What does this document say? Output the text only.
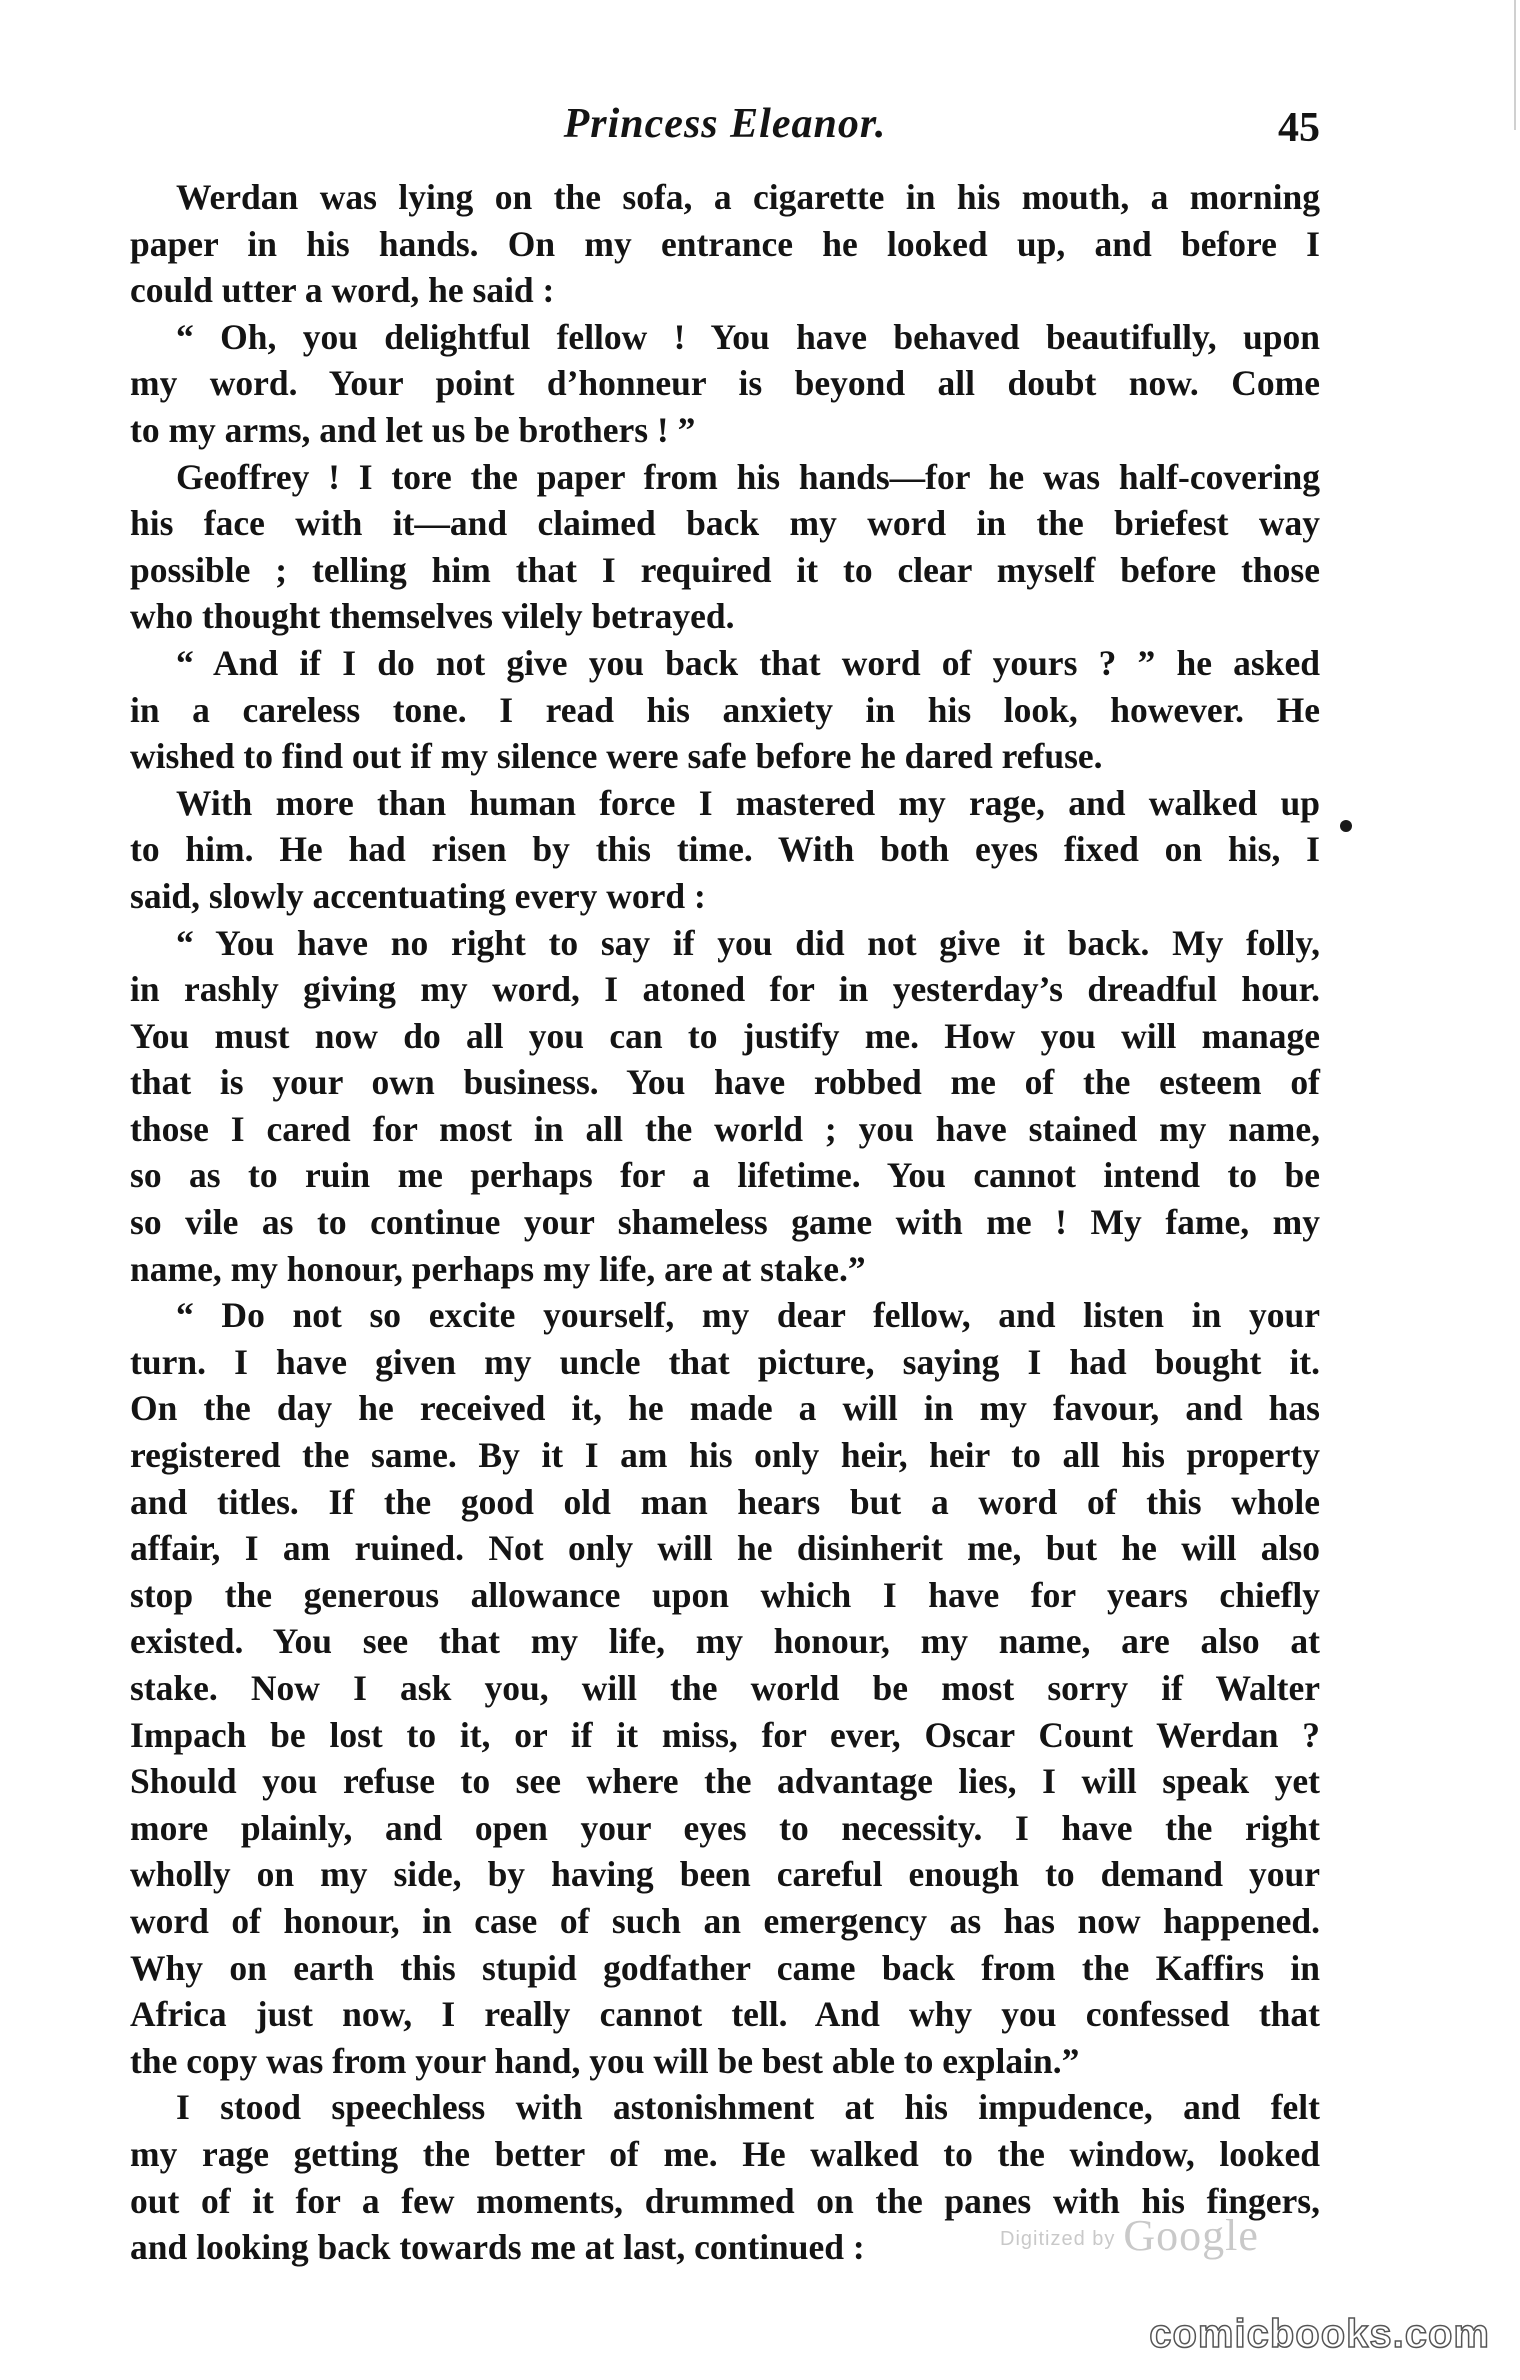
Princess Eleanor.	45
Werdan was lying on the sofa, a cigarette in his mouth, a morning
paper in his hands. On my entrance he looked up, and before I
could utter a word, he said :
“ Oh, you delightful fellow ! You have behaved beautifully, upon
my word. Your point d’honneur is beyond all doubt now. Come
to my arms, and let us be brothers ! ”
Geoffrey ! I tore the paper from his hands—for he was half-covering
his face with it—and claimed back my word in the briefest way
possible ; telling him that I required it to clear myself before those
who thought themselves vilely betrayed.
“ And if I do not give you back that word of yours ? ” he asked
in a careless tone. I read his anxiety in his look, however. He
wished to find out if my silence were safe before he dared refuse.
With more than human force I mastered my rage, and walked up
to him. He had risen by this time. With both eyes fixed on his, I
said, slowly accentuating every word :
“ You have no right to say if you did not give it back. My folly,
in rashly giving my word, I atoned for in yesterday’s dreadful hour.
You must now do all you can to justify me. How you will manage
that is your own business. You have robbed me of the esteem of
those I cared for most in all the world ; you have stained my name,
so as to ruin me perhaps for a lifetime. You cannot intend to be
so vile as to continue your shameless game with me ! My fame, my
name, my honour, perhaps my life, are at stake.”
“ Do not so excite yourself, my dear fellow, and listen in your
turn. I have given my uncle that picture, saying I had bought it.
On the day he received it, he made a will in my favour, and has
registered the same. By it I am his only heir, heir to all his property
and titles. If the good old man hears but a word of this whole
affair, I am ruined. Not only will he disinherit me, but he will also
stop the generous allowance upon which I have for years chiefly
existed. You see that my life, my honour, my name, are also at
stake. Now I ask you, will the world be most sorry if Walter
Impach be lost to it, or if it miss, for ever, Oscar Count Werdan ?
Should you refuse to see where the advantage lies, I will speak yet
more plainly, and open your eyes to necessity. I have the right
wholly on my side, by having been careful enough to demand your
word of honour, in case of such an emergency as has now happened.
Why on earth this stupid godfather came back from the Kaffirs in
Africa just now, I really cannot tell. And why you confessed that
the copy was from your hand, you will be best able to explain.”
I stood speechless with astonishment at his impudence, and felt
my rage getting the better of me. He walked to the window, looked
out of it for a few moments, drummed on the panes with his fingers,
and looking back towards me at last, continued :	Digitized by Google
comicbooks.com
